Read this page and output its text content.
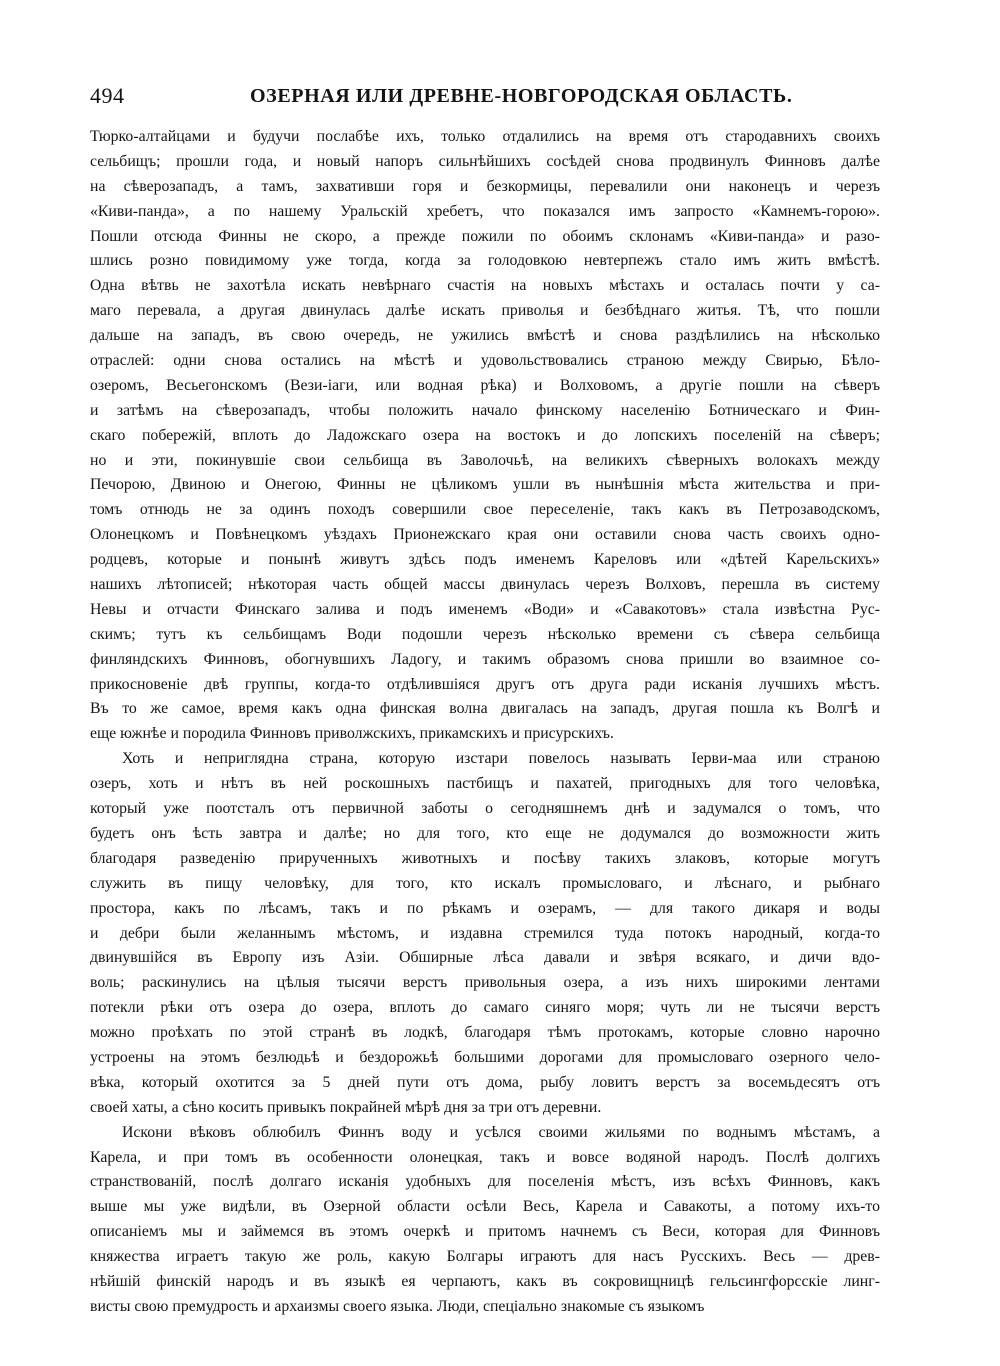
494	ОЗЕРНАЯ ИЛИ ДРЕВНЕ-НОВГОРОДСКАЯ ОБЛАСТЬ.
Тюрко-алтайцами и будучи послабѣе ихъ, только отдалились на время отъ стародавнихъ своихъ
сельбищъ; прошли года, и новый напоръ сильнѣйшихъ сосѣдей снова продвинулъ Финновъ далѣе
на сѣверозападъ, а тамъ, захвативши горя и безкормицы, перевалили они наконецъ и черезъ
«Киви-панда», а по нашему Уральскій хребетъ, что показался имъ запросто «Камнемъ-горою».
Пошли отсюда Финны не скоро, а прежде пожили по обоимъ склонамъ «Киви-панда» и разо-
шлись розно повидимому уже тогда, когда за голодовкою невтерпежъ стало имъ жить вмѣстѣ.
Одна вѣтвь не захотѣла искать невѣрнаго счастія на новыхъ мѣстахъ и осталась почти у са-
маго перевала, а другая двинулась далѣе искать приволья и безбѣднаго житья. Тѣ, что пошли
дальше на западъ, въ свою очередь, не ужились вмѣстѣ и снова раздѣлились на нѣсколько
отраслей: одни снова остались на мѣстѣ и удовольствовались страною между Свирью, Бѣло-
озеромъ, Весьегонскомъ (Вези-іаги, или водная рѣка) и Волховомъ, а другіе пошли на сѣверъ
и затѣмъ на сѣверозападъ, чтобы положить начало финскому населенію Ботническаго и Фин-
скаго побережій, вплоть до Ладожскаго озера на востокъ и до лопскихъ поселеній на сѣверъ;
но и эти, покинувшіе свои сельбища въ Заволочьѣ, на великихъ сѣверныхъ волокахъ между
Печорою, Двиною и Онегою, Финны не цѣликомъ ушли въ нынѣшнія мѣста жительства и при-
томъ отнюдь не за одинъ походъ совершили свое переселеніе, такъ какъ въ Петрозаводскомъ,
Олонецкомъ и Повѣнецкомъ уѣздахъ Прионежскаго края они оставили снова часть своихъ одно-
родцевъ, которые и понынѣ живутъ здѣсь подъ именемъ Кареловъ или «дѣтей Карельскихъ»
нашихъ лѣтописей; нѣкоторая часть общей массы двинулась черезъ Волховъ, перешла въ систему
Невы и отчасти Финскаго залива и подъ именемъ «Води» и «Савакотовъ» стала извѣстна Рус-
скимъ; тутъ къ сельбищамъ Води подошли черезъ нѣсколько времени съ сѣвера сельбища
финляндскихъ Финновъ, обогнувшихъ Ладогу, и такимъ образомъ снова пришли во взаимное со-
прикосновеніе двѣ группы, когда-то отдѣлившіяся другъ отъ друга ради исканія лучшихъ мѣстъ.
Въ то же самое, время какъ одна финская волна двигалась на западъ, другая пошла къ Волгѣ и
еще южнѣе и породила Финновъ приволжскихъ, прикамскихъ и присурскихъ.
Хоть и неприглядна страна, которую изстари повелось называть Іерви-маа или страною
озеръ, хоть и нѣтъ въ ней роскошныхъ пастбищъ и пахатей, пригодныхъ для того человѣка,
который уже поотсталъ отъ первичной заботы о сегодняшнемъ днѣ и задумался о томъ, что
будетъ онъ ѣсть завтра и далѣе; но для того, кто еще не додумался до возможности жить
благодаря разведенію прирученныхъ животныхъ и посѣву такихъ злаковъ, которые могутъ
служить въ пищу человѣку, для того, кто искалъ промысловаго, и лѣснаго, и рыбнаго
простора, какъ по лѣсамъ, такъ и по рѣкамъ и озерамъ, — для такого дикаря и воды
и дебри были желаннымъ мѣстомъ, и издавна стремился туда потокъ народный, когда-то
двинувшійся въ Европу изъ Азіи. Обширные лѣса давали и звѣря всякаго, и дичи вдо-
воль; раскинулись на цѣлыя тысячи верстъ привольныя озера, а изъ нихъ широкими лентами
потекли рѣки отъ озера до озера, вплоть до самаго синяго моря; чуть ли не тысячи верстъ
можно проѣхать по этой странѣ въ лодкѣ, благодаря тѣмъ протокамъ, которые словно нарочно
устроены на этомъ безлюдьѣ и бездорожьѣ большими дорогами для промысловаго озерного чело-
вѣка, который охотится за 5 дней пути отъ дома, рыбу ловитъ верстъ за восемьдесятъ отъ
своей хаты, а сѣно косить привыкъ покрайней мѣрѣ дня за три отъ деревни.
Искони вѣковъ облюбилъ Финнъ воду и усѣлся своими жильями по воднымъ мѣстамъ, а
Карела, и при томъ въ особенности олонецкая, такъ и вовсе водяной народъ. Послѣ долгихъ
странствованій, послѣ долгаго исканія удобныхъ для поселенія мѣстъ, изъ всѣхъ Финновъ, какъ
выше мы уже видѣли, въ Озерной области осѣли Весь, Карела и Савакоты, а потому ихъ-то
описаніемъ мы и займемся въ этомъ очеркѣ и притомъ начнемъ съ Веси, которая для Финновъ
княжества играетъ такую же роль, какую Болгары играютъ для насъ Русскихъ. Весь — древ-
нѣйшій финскій народъ и въ языкѣ ея черпаютъ, какъ въ сокровищницѣ гельсингфорсскіе линг-
висты свою премудрость и архаизмы своего языка. Люди, спеціально знакомые съ языкомъ
